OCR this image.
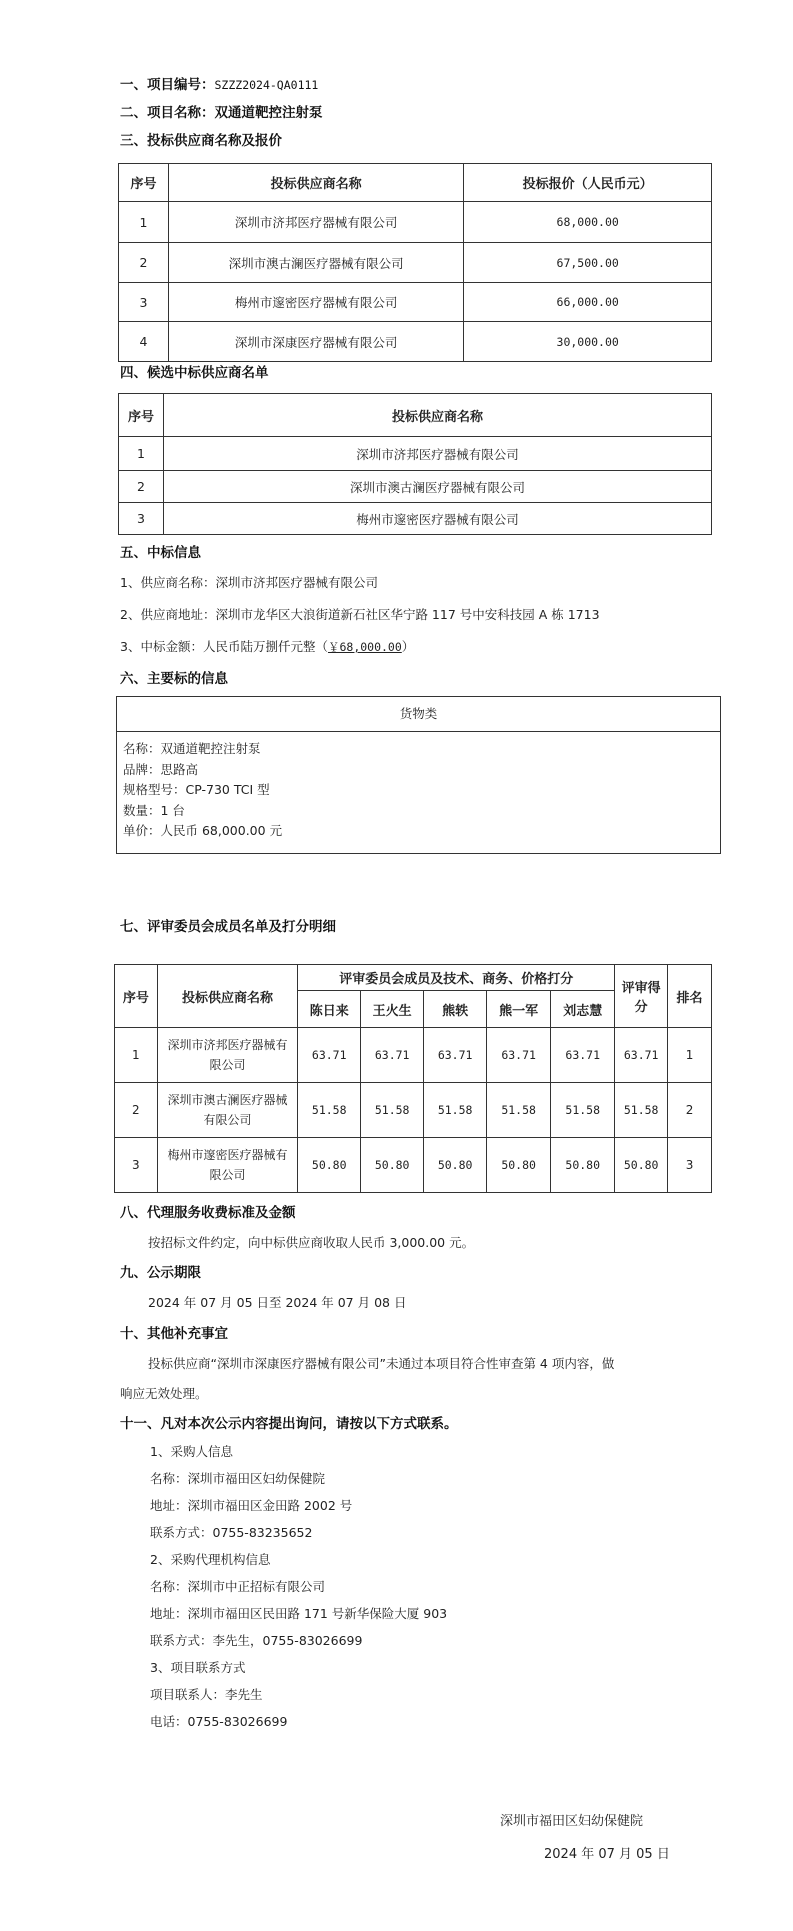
一、项目编号：SZZZ2024-QA0111
二、项目名称：双通道靶控注射泵
三、投标供应商名称及报价
序号	投标供应商名称	投标报价（人民币元）
1	深圳市济邦医疗器械有限公司	68,000.00
2	深圳市澳古澜医疗器械有限公司	67,500.00
3	梅州市邃密医疗器械有限公司	66,000.00
4	深圳市深康医疗器械有限公司	30,000.00
四、候选中标供应商名单
序号	投标供应商名称
1	深圳市济邦医疗器械有限公司
2	深圳市澳古澜医疗器械有限公司
3	梅州市邃密医疗器械有限公司
五、中标信息
1、供应商名称：深圳市济邦医疗器械有限公司
2、供应商地址：深圳市龙华区大浪街道新石社区华宁路 117 号中安科技园 A 栋 1713
3、中标金额：人民币陆万捌仟元整（￥68,000.00）
六、主要标的信息
货物类
名称：双通道靶控注射泵
品牌：思路高
规格型号：CP-730 TCI 型
数量：1 台
单价：人民币 68,000.00 元
七、评审委员会成员名单及打分明细
序号	投标供应商名称	评审委员会成员及技术、商务、价格打分					评审得分	排名
		陈日来	王火生	熊轶	熊一军	刘志慧		
1	深圳市济邦医疗器械有限公司	63.71	63.71	63.71	63.71	63.71	63.71	1
2	深圳市澳古澜医疗器械有限公司	51.58	51.58	51.58	51.58	51.58	51.58	2
3	梅州市邃密医疗器械有限公司	50.80	50.80	50.80	50.80	50.80	50.80	3
八、代理服务收费标准及金额
按招标文件约定，向中标供应商收取人民币 3,000.00 元。
九、公示期限
2024 年 07 月 05 日至 2024 年 07 月 08 日
十、其他补充事宜
投标供应商“深圳市深康医疗器械有限公司”未通过本项目符合性审查第 4 项内容，做
响应无效处理。
十一、凡对本次公示内容提出询问，请按以下方式联系。
1、采购人信息
名称：深圳市福田区妇幼保健院
地址：深圳市福田区金田路 2002 号
联系方式：0755-83235652
2、采购代理机构信息
名称：深圳市中正招标有限公司
地址：深圳市福田区民田路 171 号新华保险大厦 903
联系方式：李先生，0755-83026699
3、项目联系方式
项目联系人：李先生
电话：0755-83026699
深圳市福田区妇幼保健院
2024 年 07 月 05 日
